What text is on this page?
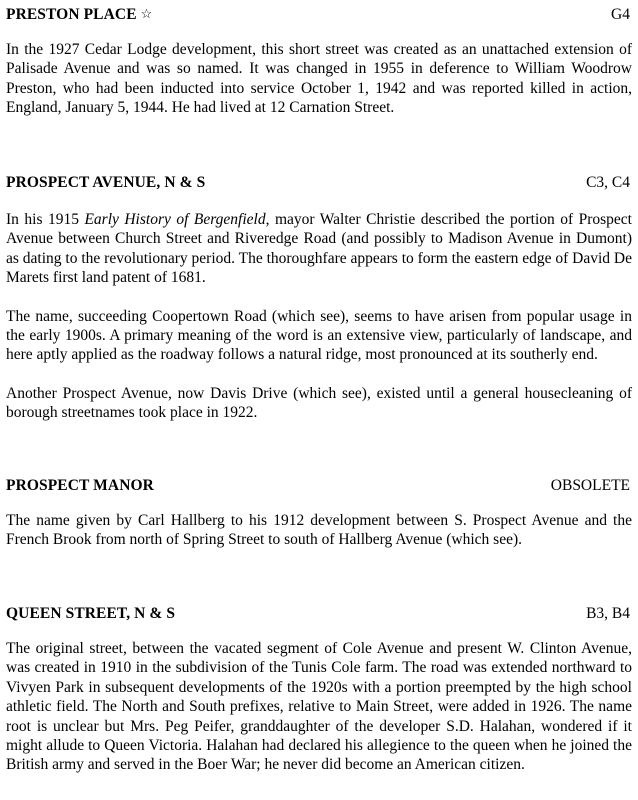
PRESTON PLACE ☆	G4

In the 1927 Cedar Lodge development, this short street was created as an unattached extension of Palisade Avenue and was so named. It was changed in 1955 in deference to William Woodrow Preston, who had been inducted into service October 1, 1942 and was reported killed in action, England, January 5, 1944. He had lived at 12 Carnation Street.

PROSPECT AVENUE, N & S	C3, C4

In his 1915 Early History of Bergenfield, mayor Walter Christie described the portion of Prospect Avenue between Church Street and Riveredge Road (and possibly to Madison Avenue in Dumont) as dating to the revolutionary period. The thoroughfare appears to form the eastern edge of David De Marets first land patent of 1681.

The name, succeeding Coopertown Road (which see), seems to have arisen from popular usage in the early 1900s. A primary meaning of the word is an extensive view, particularly of landscape, and here aptly applied as the roadway follows a natural ridge, most pronounced at its southerly end.

Another Prospect Avenue, now Davis Drive (which see), existed until a general housecleaning of borough streetnames took place in 1922.

PROSPECT MANOR	OBSOLETE

The name given by Carl Hallberg to his 1912 development between S. Prospect Avenue and the French Brook from north of Spring Street to south of Hallberg Avenue (which see).

QUEEN STREET, N & S	B3, B4

The original street, between the vacated segment of Cole Avenue and present W. Clinton Avenue, was created in 1910 in the subdivision of the Tunis Cole farm. The road was extended northward to Vivyen Park in subsequent developments of the 1920s with a portion preempted by the high school athletic field. The North and South prefixes, relative to Main Street, were added in 1926. The name root is unclear but Mrs. Peg Peifer, granddaughter of the developer S.D. Halahan, wondered if it might allude to Queen Victoria. Halahan had declared his allegience to the queen when he joined the British army and served in the Boer War; he never did become an American citizen.
